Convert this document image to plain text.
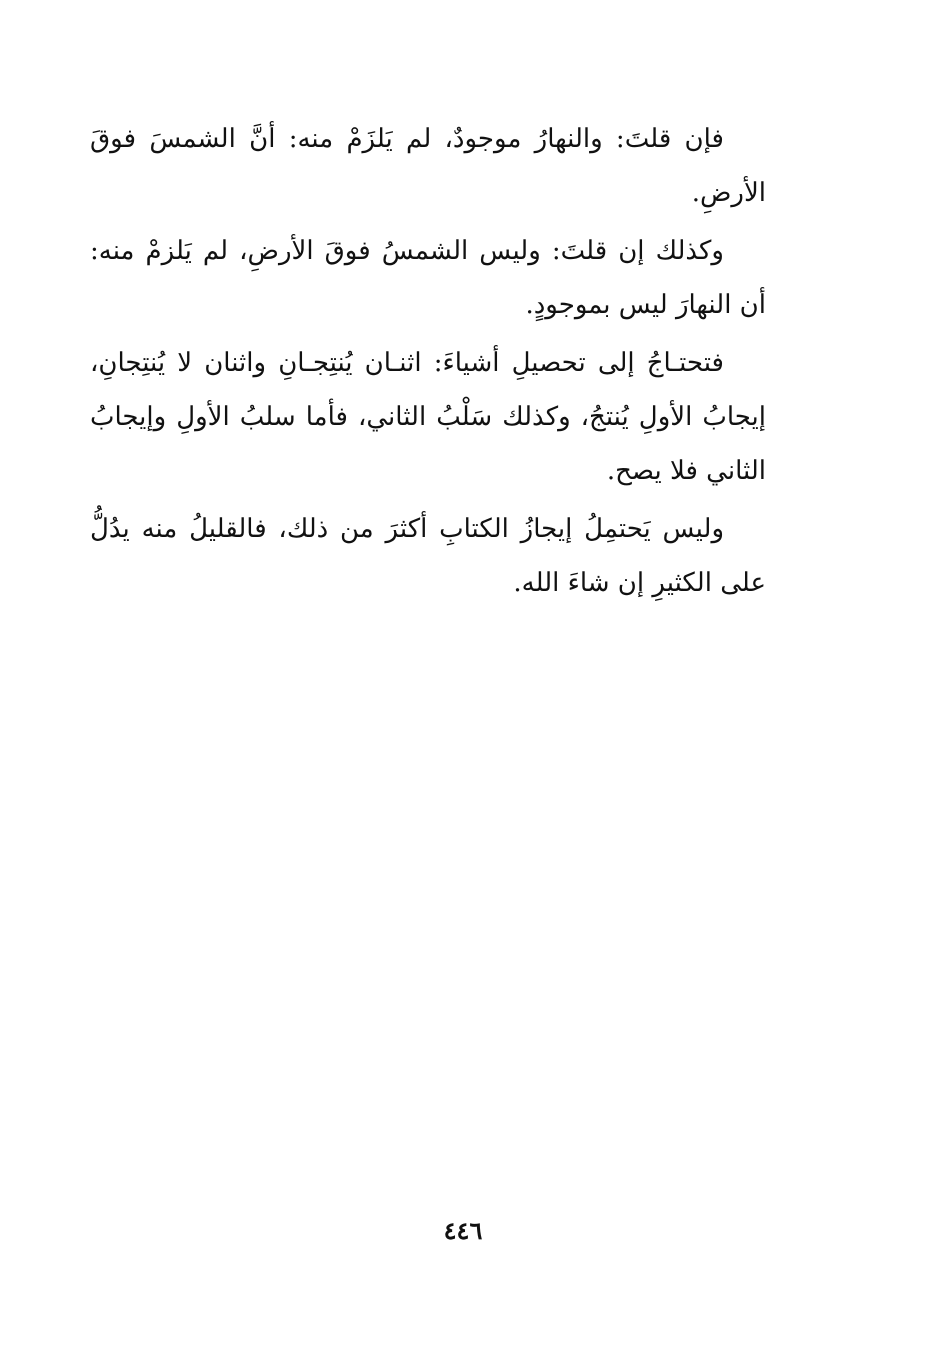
فإن قلتَ: والنهارُ موجودٌ، لم يَلزَمْ منه: أنَّ الشمسَ فوقَ الأرضِ.

وكذلك إن قلتَ: وليس الشمسُ فوقَ الأرضِ، لم يَلزمْ منه: أن النهارَ ليس بموجودٍ.

فتحتـاجُ إلى تحصيلِ أشياءَ: اثنـان يُنتِجـانِ واثنان لا يُنتِجانِ، إيجابُ الأولِ يُنتجُ، وكذلك سَلْبُ الثاني، فأما سلبُ الأولِ وإيجابُ الثاني فلا يصح.

وليس يَحتمِلُ إيجازُ الكتابِ أكثرَ من ذلك، فالقليلُ منه يدُلُّ على الكثيرِ إن شاءَ الله.

٤٤٦
